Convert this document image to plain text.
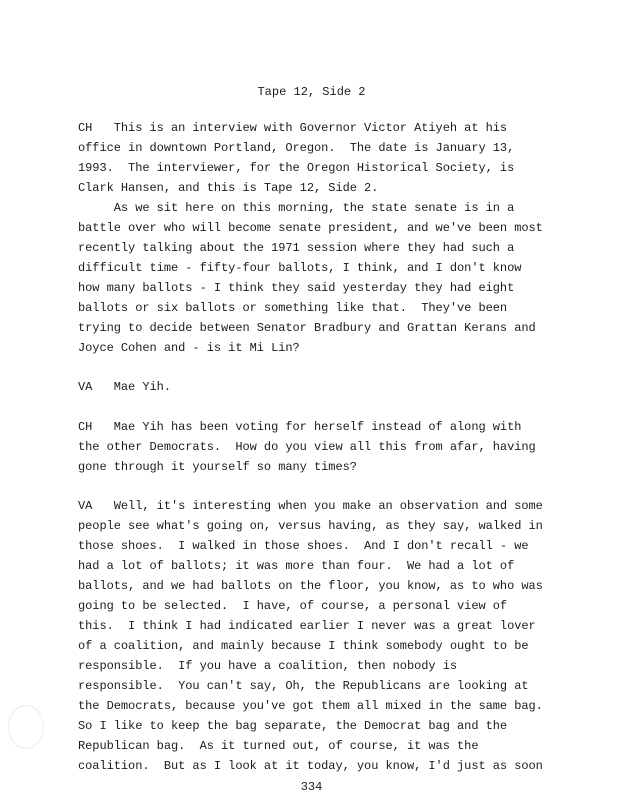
Tape 12, Side 2
CH   This is an interview with Governor Victor Atiyeh at his
office in downtown Portland, Oregon.  The date is January 13,
1993.  The interviewer, for the Oregon Historical Society, is
Clark Hansen, and this is Tape 12, Side 2.
As we sit here on this morning, the state senate is in a
battle over who will become senate president, and we've been most
recently talking about the 1971 session where they had such a
difficult time - fifty-four ballots, I think, and I don't know
how many ballots - I think they said yesterday they had eight
ballots or six ballots or something like that.  They've been
trying to decide between Senator Bradbury and Grattan Kerans and
Joyce Cohen and - is it Mi Lin?
VA   Mae Yih.
CH   Mae Yih has been voting for herself instead of along with
the other Democrats.  How do you view all this from afar, having
gone through it yourself so many times?
VA   Well, it's interesting when you make an observation and some
people see what's going on, versus having, as they say, walked in
those shoes.  I walked in those shoes.  And I don't recall - we
had a lot of ballots; it was more than four.  We had a lot of
ballots, and we had ballots on the floor, you know, as to who was
going to be selected.  I have, of course, a personal view of
this.  I think I had indicated earlier I never was a great lover
of a coalition, and mainly because I think somebody ought to be
responsible.  If you have a coalition, then nobody is
responsible.  You can't say, Oh, the Republicans are looking at
the Democrats, because you've got them all mixed in the same bag.
So I like to keep the bag separate, the Democrat bag and the
Republican bag.  As it turned out, of course, it was the
coalition.  But as I look at it today, you know, I'd just as soon
334
